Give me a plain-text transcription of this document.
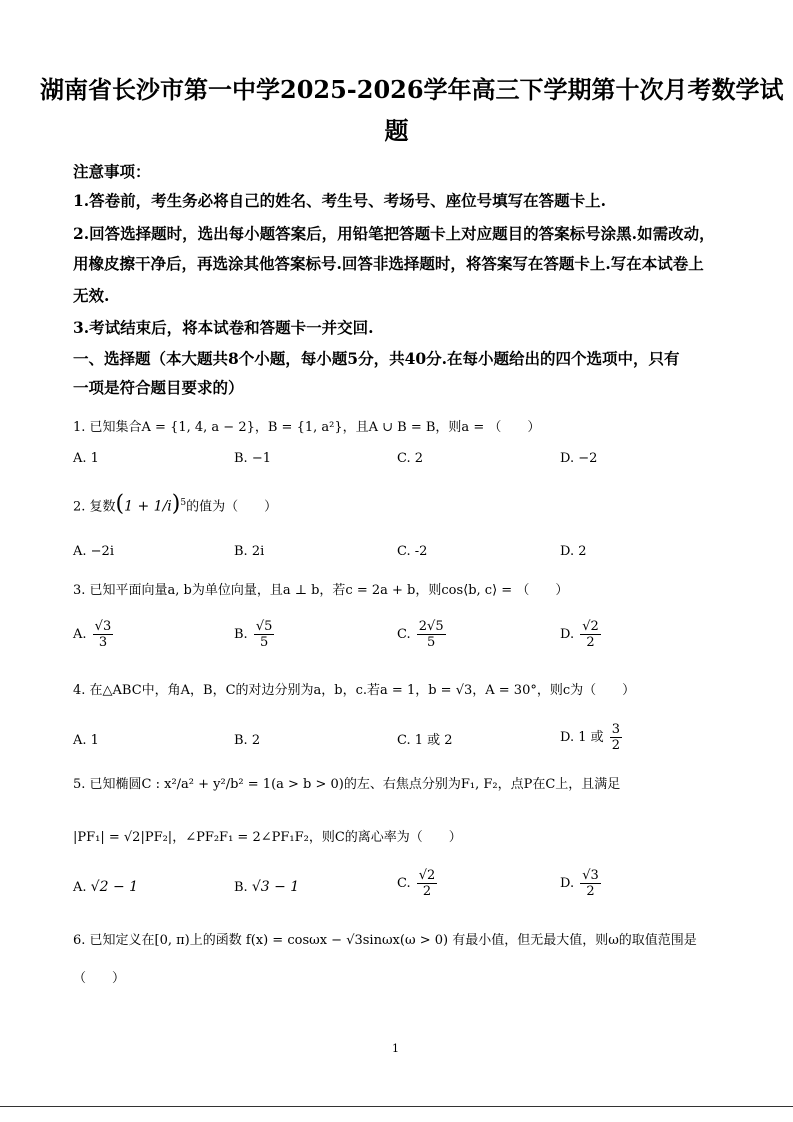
湖南省长沙市第一中学2025-2026学年高三下学期第十次月考数学试
题
注意事项：
1.答卷前，考生务必将自己的姓名、考生号、考场号、座位号填写在答题卡上.
2.回答选择题时，选出每小题答案后，用铅笔把答题卡上对应题目的答案标号涂黑.如需改动，
用橡皮擦干净后，再选涂其他答案标号.回答非选择题时，将答案写在答题卡上.写在本试卷上
无效.
3.考试结束后，将本试卷和答题卡一并交回.
一、选择题（本大题共8个小题，每小题5分，共40分.在每小题给出的四个选项中，只有
一项是符合题目要求的）
1. 已知集合A = {1, 4, a − 2}，B = {1, a²}，且A ∪ B = B，则a = （　　）
A. 1	B. −1	C. 2	D. −2
2. 复数$(1 + 1/i)^5$的值为（　　）
A. −2i	B. 2i	C. -2	D. 2
3. 已知平面向量a, b为单位向量，且a ⊥ b，若c = 2a + b，则cos⟨b, c⟩ = （　　）
A. $\frac{√3}{3}$	B. $\frac{√5}{5}$	C. $\frac{2√5}{5}$	D. $\frac{√2}{2}$
4. 在△ABC中，角A，B，C的对边分别为a，b，c.若a = 1，b = √3，A = 30°，则c为（　　）
A. 1	B. 2	C. 1 或 2	D. 1 或 $\frac{3}{2}$
5. 已知椭圆C : x²/a² + y²/b² = 1(a > b > 0)的左、右焦点分别为F₁, F₂，点P在C上，且满足
|PF₁| = √2|PF₂|，∠PF₂F₁ = 2∠PF₁F₂，则C的离心率为（　　）
A. √2 − 1	B. √3 − 1	C. $\frac{√2}{2}$	D. $\frac{√3}{2}$
6. 已知定义在[0, π)上的函数 f(x) = cosωx − √3sinωx(ω > 0) 有最小值，但无最大值，则ω的取值范围是
（　　）
1
